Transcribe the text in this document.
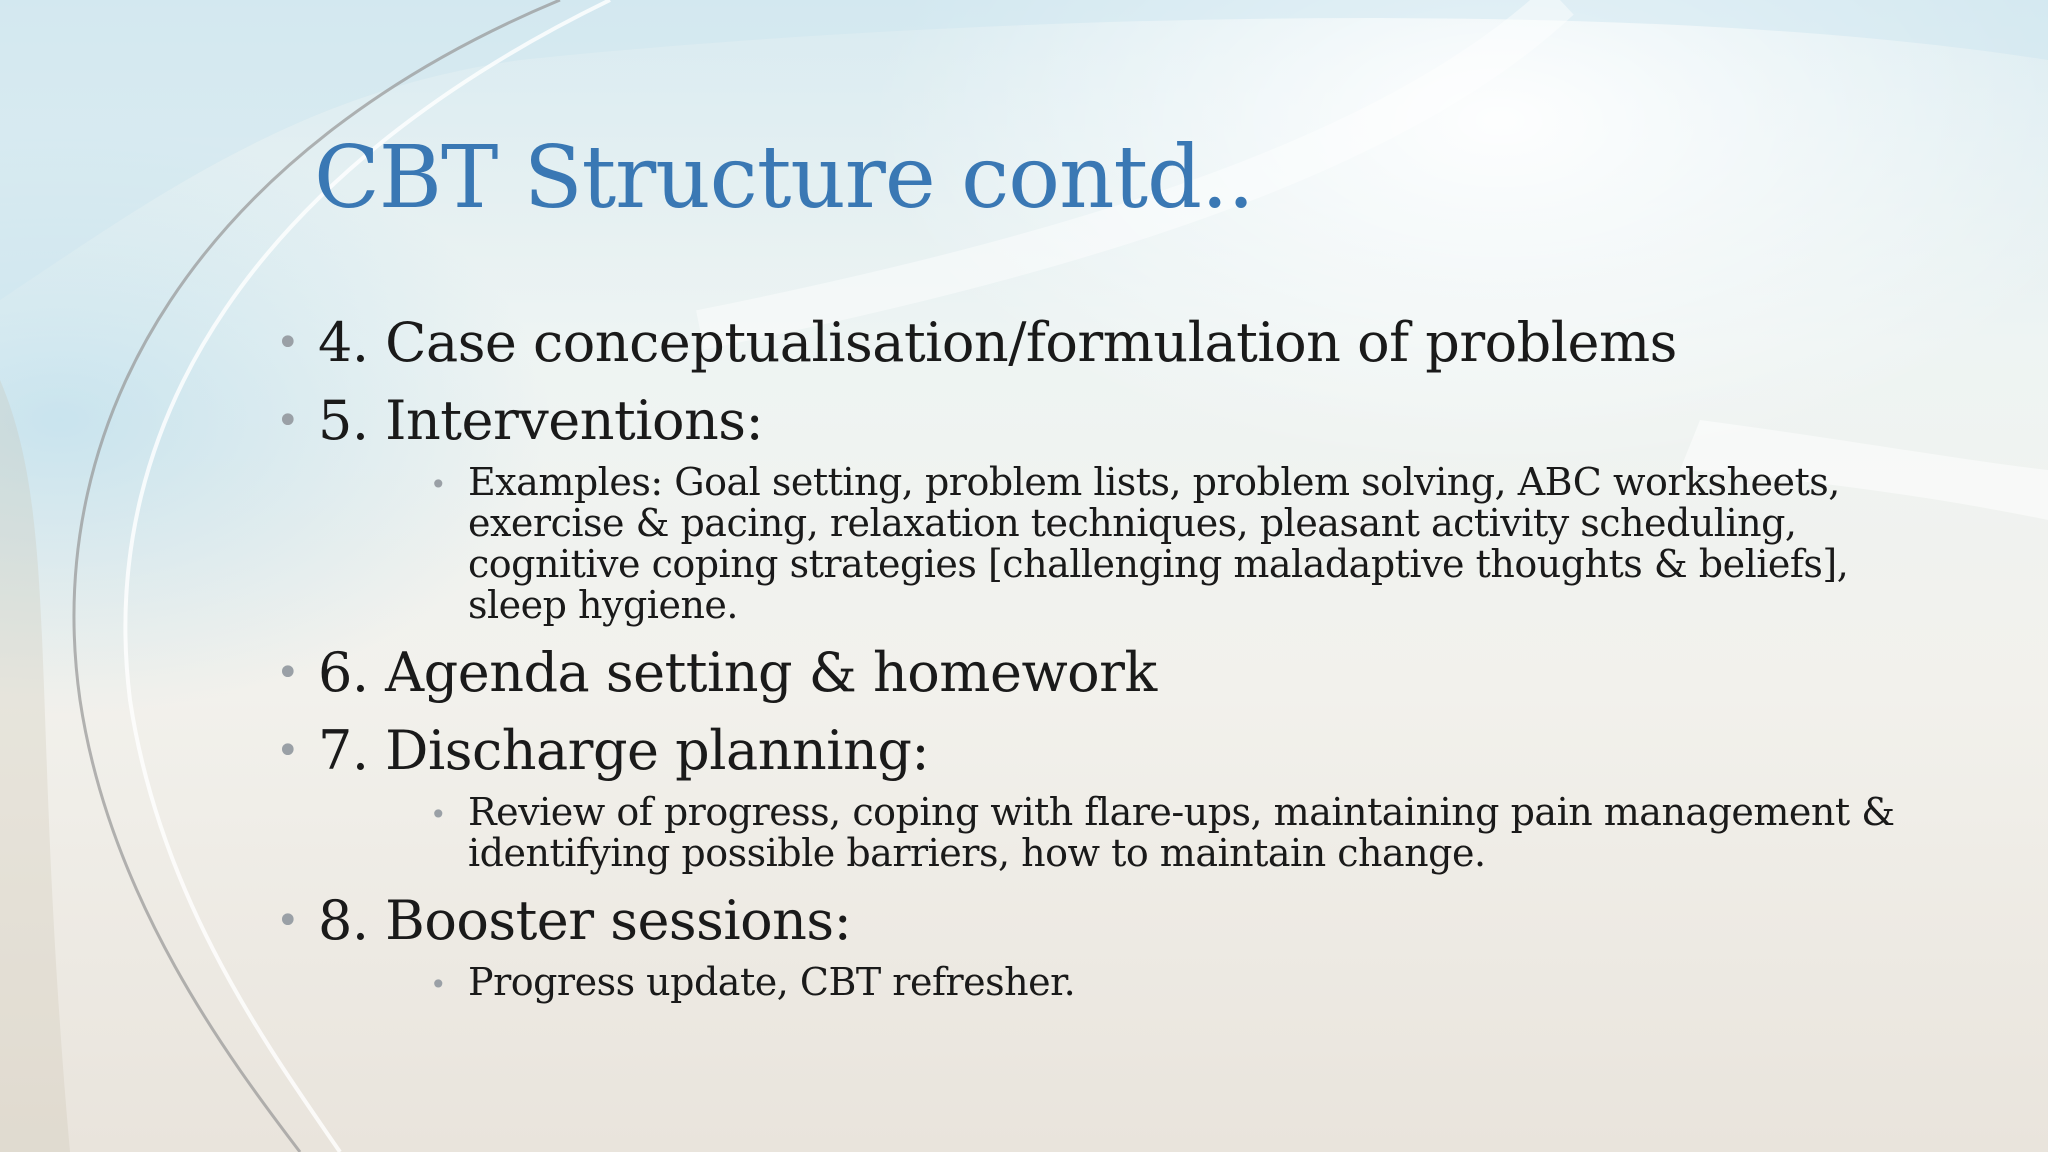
CBT Structure contd..
• 4. Case conceptualisation/formulation of problems
• 5. Interventions:
• Examples: Goal setting, problem lists, problem solving, ABC worksheets, exercise & pacing, relaxation techniques, pleasant activity scheduling, cognitive coping strategies [challenging maladaptive thoughts & beliefs], sleep hygiene.
• 6. Agenda setting & homework
• 7. Discharge planning:
• Review of progress, coping with flare-ups, maintaining pain management & identifying possible barriers, how to maintain change.
• 8. Booster sessions:
• Progress update, CBT refresher.
